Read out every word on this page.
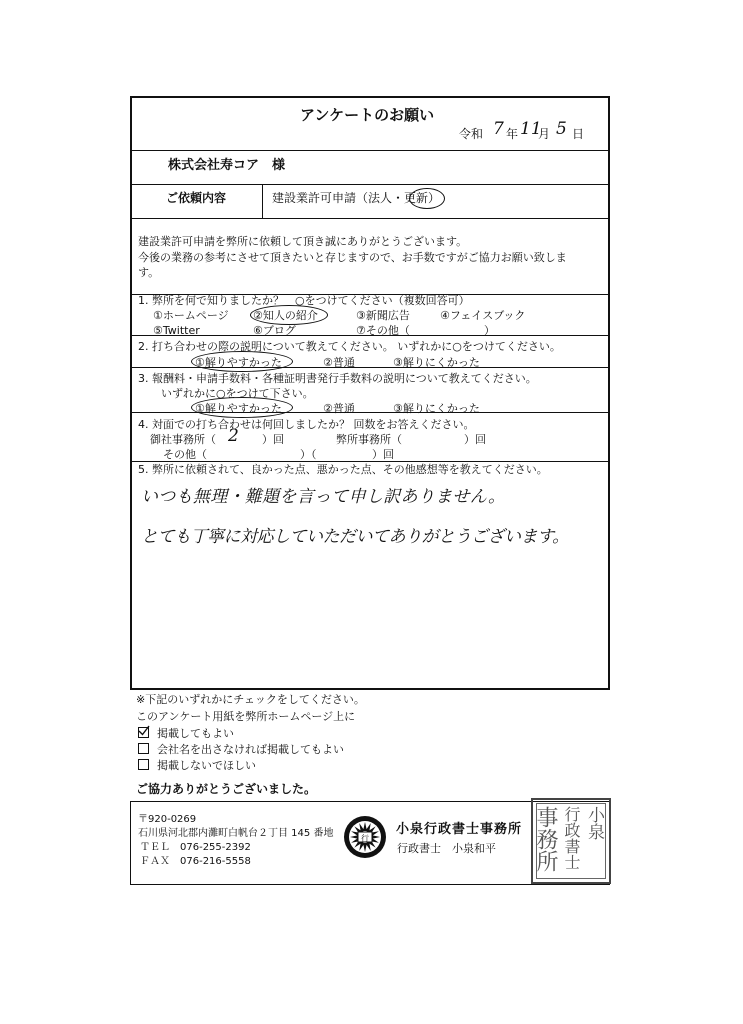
アンケートのお願い
令和 7 年 11
月 5 日
株式会社寿コア　様
ご依頼内容	建設業許可申請（法人・更新）
建設業許可申請を弊所に依頼して頂き誠にありがとうございます。
今後の業務の参考にさせて頂きたいと存じますので、お手数ですがご協力お願い致しま
す。
1. 弊所を何で知りましたか？　○をつけてください（複数回答可）
①ホームページ ②知人の紹介	③新聞広告	④フェイスブック
⑤Twitter	⑥ブログ	⑦その他（	）
2. 打ち合わせの際の説明について教えてください。 いずれかに○をつけてください。
①解りやすかった	②普通	③解りにくかった
3. 報酬料・申請手数料・各種証明書発行手数料の説明について教えてください。
いずれかに○をつけて下さい。
①解りやすかった	②普通	③解りにくかった
4. 対面での打ち合わせは何回しましたか？ 回数をお答えください。
御社事務所（ 2 ）回	弊所事務所（	）回
その他（	）（	）回
5. 弊所に依頼されて、良かった点、悪かった点、その他感想等を教えてください。
いつも無理・難題を言って申し訳ありません。
とても丁寧に対応していただいてありがとうございます。
※下記のいずれかにチェックをしてください。
このアンケート用紙を弊所ホームページ上に
掲載してもよい
会社名を出さなければ掲載してもよい
掲載しないでほしい
ご協力ありがとうございました。
〒920-0269
石川県河北郡内灘町白帆台２丁目 145 番地
ＴＥＬ　076-255-2392
ＦＡＸ　076-216-5558
行
小泉行政書士事務所
行政書士　小泉和平
小泉
行政書士
事務所
